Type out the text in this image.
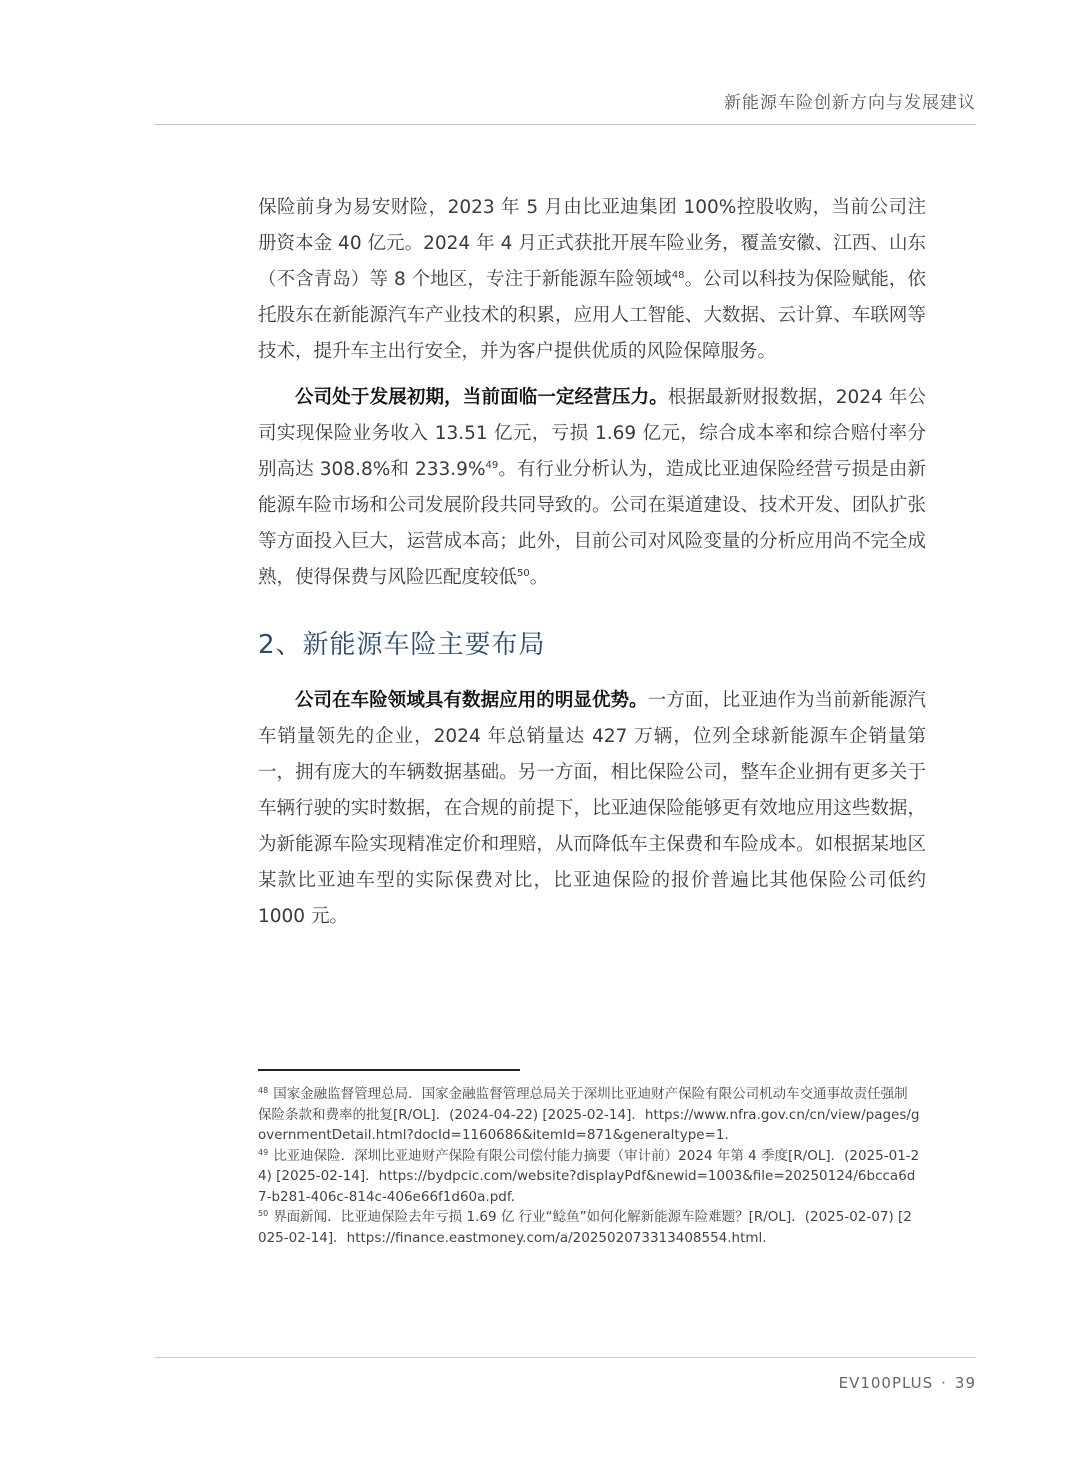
新能源车险创新方向与发展建议

保险前身为易安财险，2023 年 5 月由比亚迪集团 100%控股收购，当前公司注册资本金 40 亿元。2024 年 4 月正式获批开展车险业务，覆盖安徽、江西、山东（不含青岛）等 8 个地区，专注于新能源车险领域$^{48}$。公司以科技为保险赋能，依托股东在新能源汽车产业技术的积累，应用人工智能、大数据、云计算、车联网等技术，提升车主出行安全，并为客户提供优质的风险保障服务。

公司处于发展初期，当前面临一定经营压力。根据最新财报数据，2024 年公司实现保险业务收入 13.51 亿元，亏损 1.69 亿元，综合成本率和综合赔付率分别高达 308.8%和 233.9%$^{49}$。有行业分析认为，造成比亚迪保险经营亏损是由新能源车险市场和公司发展阶段共同导致的。公司在渠道建设、技术开发、团队扩张等方面投入巨大，运营成本高；此外，目前公司对风险变量的分析应用尚不完全成熟，使得保费与风险匹配度较低$^{50}$。

2、新能源车险主要布局

公司在车险领域具有数据应用的明显优势。一方面，比亚迪作为当前新能源汽车销量领先的企业，2024 年总销量达 427 万辆，位列全球新能源车企销量第一，拥有庞大的车辆数据基础。另一方面，相比保险公司，整车企业拥有更多关于车辆行驶的实时数据，在合规的前提下，比亚迪保险能够更有效地应用这些数据，为新能源车险实现精准定价和理赔，从而降低车主保费和车险成本。如根据某地区某款比亚迪车型的实际保费对比，比亚迪保险的报价普遍比其他保险公司低约 1000 元。

$^{48}$ 国家金融监督管理总局．国家金融监督管理总局关于深圳比亚迪财产保险有限公司机动车交通事故责任强制保险条款和费率的批复[R/OL]．(2024-04-22) [2025-02-14]．https://www.nfra.gov.cn/cn/view/pages/governmentDetail.html?docId=1160686&itemId=871&generaltype=1.

$^{49}$ 比亚迪保险．深圳比亚迪财产保险有限公司偿付能力摘要（审计前）2024 年第 4 季度[R/OL]．(2025-01-24) [2025-02-14]．https://bydpcic.com/website?displayPdf&newid=1003&file=20250124/6bcca6d7-b281-406c-814c-406e66f1d60a.pdf.

$^{50}$ 界面新闻．比亚迪保险去年亏损 1.69 亿 行业“鲶鱼”如何化解新能源车险难题？[R/OL]．(2025-02-07) [2025-02-14]．https://finance.eastmoney.com/a/202502073313408554.html.

EV100PLUS · 39
